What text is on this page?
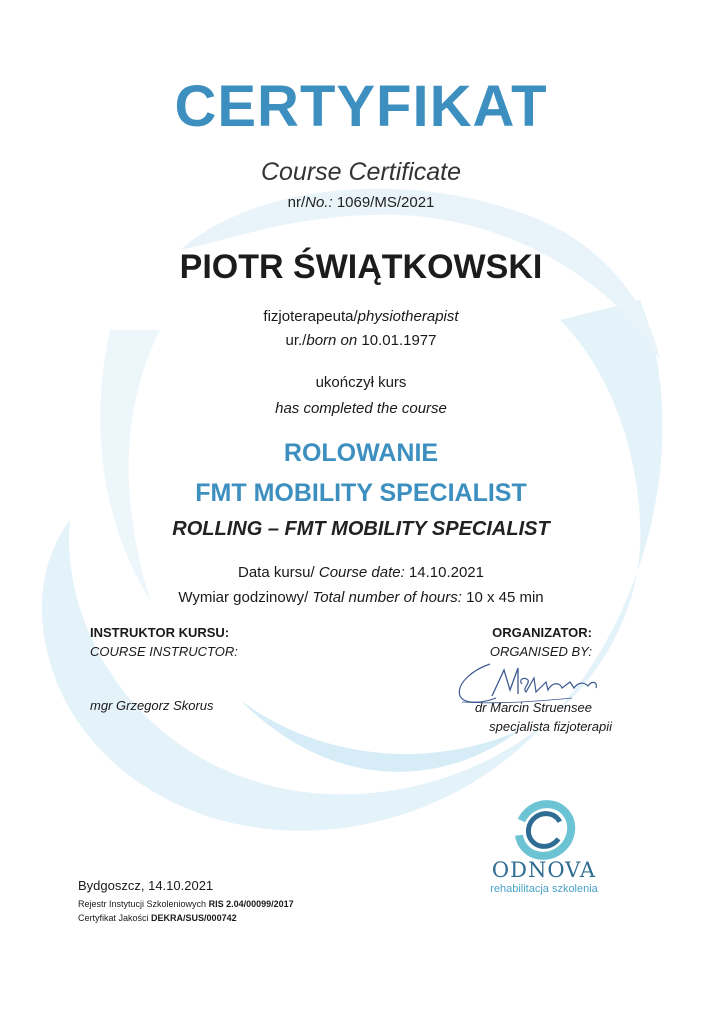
CERTYFIKAT
Course Certificate
nr/No.: 1069/MS/2021
PIOTR ŚWIĄTKOWSKI
fizjoterapeuta/physiotherapist
ur./born on 10.01.1977
ukończył kurs
has completed the course
ROLOWANIE
FMT MOBILITY SPECIALIST
ROLLING – FMT MOBILITY SPECIALIST
Data kursu/ Course date: 14.10.2021
Wymiar godzinowy/ Total number of hours: 10 x 45 min
INSTRUKTOR KURSU:
COURSE INSTRUCTOR:
mgr Grzegorz Skorus
ORGANIZATOR:
ORGANISED BY:
dr Marcin Struensee
specjalista fizjoterapii
ODNOVA
rehabilitacja szkolenia
Bydgoszcz, 14.10.2021
Rejestr Instytucji Szkoleniowych RIS 2.04/00099/2017
Certyfikat Jakości DEKRA/SUS/000742
